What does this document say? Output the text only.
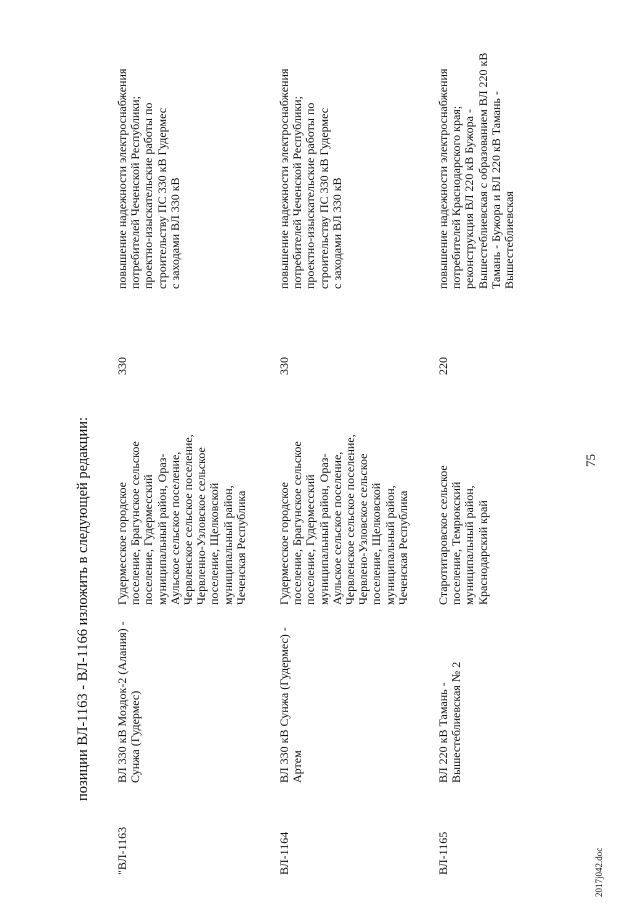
75
позиции ВЛ-1163 - ВЛ-1166 изложить в следующей редакции:
"ВЛ-1163
ВЛ 330 кВ Моздок-2 (Алания) - Сунжа (Гудермес)
Гудермесское городское поселение, Брагунское сельское поселение, Гудермесский муниципальный район, Ораз- Аульское сельское поселение, Червленское сельское поселение, Червленно-Узловское сельское поселение, Щелковской муниципальный район, Чеченская Республика
330
повышение надежности электроснабжения потребителей Чеченской Республики; проектно-изыскательские работы по строительству ПС 330 кВ Гудермес с заходами ВЛ 330 кВ
ВЛ-1164
ВЛ 330 кВ Сунжа (Гудермес) - Артем
Гудермесское городское поселение, Брагунское сельское поселение, Гудермесский муниципальный район, Ораз- Аульское сельское поселение, Червленское сельское поселение, Червлено-Узловское сельское поселение, Щелковской муниципальный район, Чеченская Республика
330
повышение надежности электроснабжения потребителей Чеченской Республики; проектно-изыскательские работы по строительству ПС 330 кВ Гудермес с заходами ВЛ 330 кВ
ВЛ-1165
ВЛ 220 кВ Тамань - Вышестеблиевская № 2
Старотитаровское сельское поселение, Темрюкский муниципальный район, Краснодарский край
220
повышение надежности электроснабжения потребителей Краснодарского края; реконструкция ВЛ 220 кВ Бужора - Вышестеблиевская с образованием ВЛ 220 кВ Тамань - Бужора и ВЛ 220 кВ Тамань - Вышестеблиевская
2017j042.doc
